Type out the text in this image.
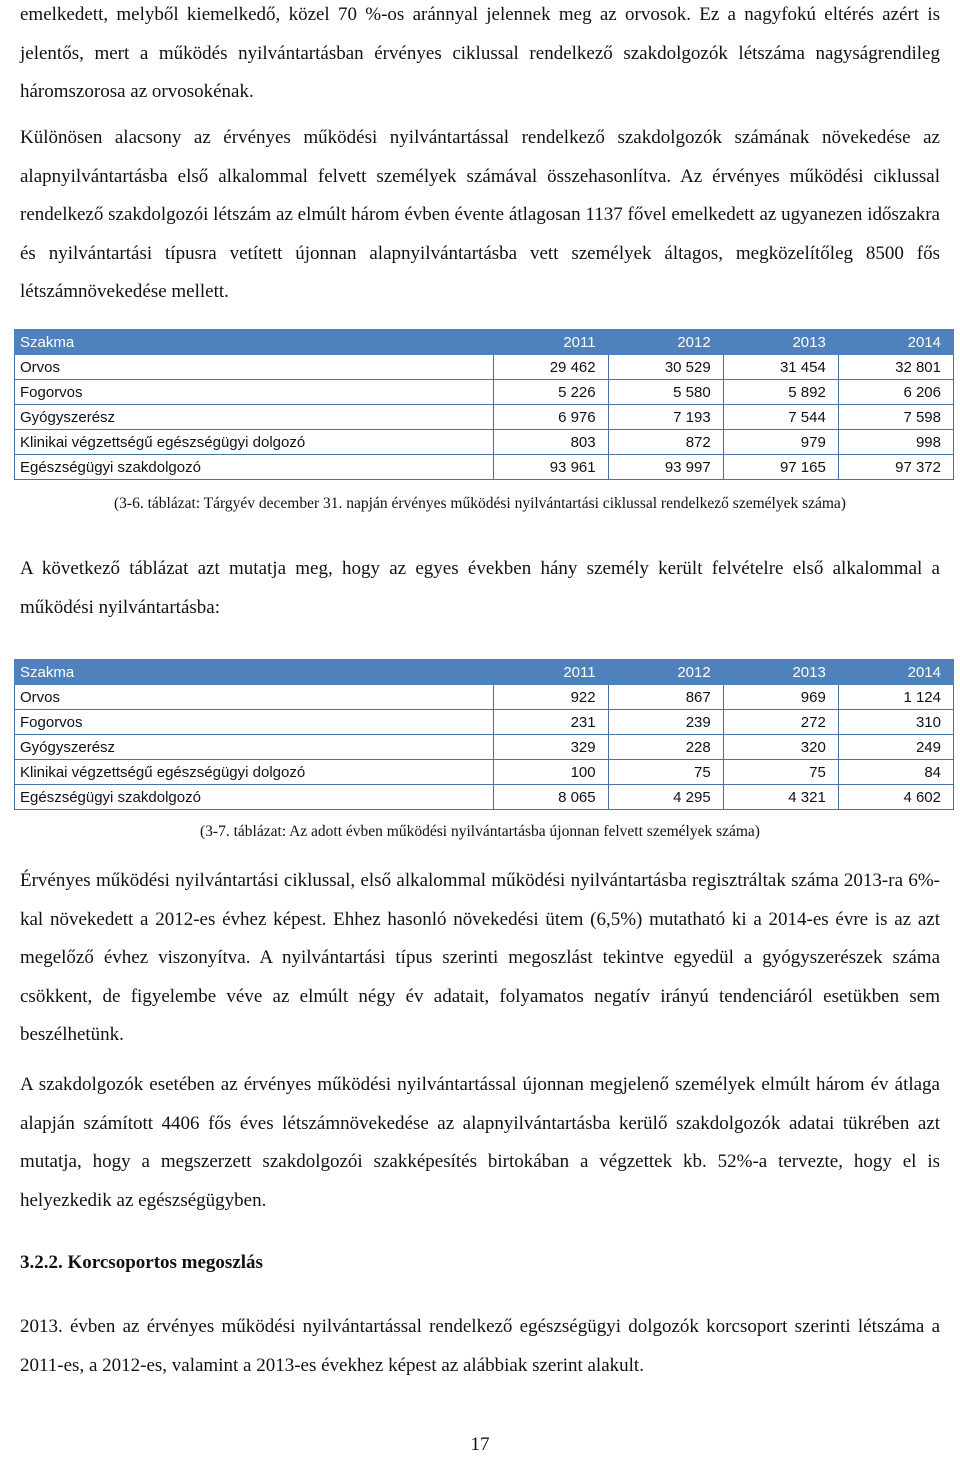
emelkedett, melyből kiemelkedő, közel 70 %-os aránnyal jelennek meg az orvosok. Ez a nagyfokú eltérés azért is jelentős, mert a működés nyilvántartásban érvényes ciklussal rendelkező szakdolgozók létszáma nagyságrendileg háromszorosa az orvosokénak.

Különösen alacsony az érvényes működési nyilvántartással rendelkező szakdolgozók számának növekedése az alapnyilvántartásba első alkalommal felvett személyek számával összehasonlítva. Az érvényes működési ciklussal rendelkező szakdolgozói létszám az elmúlt három évben évente átlagosan 1137 fővel emelkedett az ugyanezen időszakra és nyilvántartási típusra vetített újonnan alapnyilvántartásba vett személyek áltagos, megközelítőleg 8500 fős létszámnövekedése mellett.

Szakma	2011	2012	2013	2014
Orvos	29 462	30 529	31 454	32 801
Fogorvos	5 226	5 580	5 892	6 206
Gyógyszerész	6 976	7 193	7 544	7 598
Klinikai végzettségű egészségügyi dolgozó	803	872	979	998
Egészségügyi szakdolgozó	93 961	93 997	97 165	97 372

(3-6. táblázat: Tárgyév december 31. napján érvényes működési nyilvántartási ciklussal rendelkező személyek száma)

A következő táblázat azt mutatja meg, hogy az egyes években hány személy került felvételre első alkalommal a működési nyilvántartásba:

Szakma	2011	2012	2013	2014
Orvos	922	867	969	1 124
Fogorvos	231	239	272	310
Gyógyszerész	329	228	320	249
Klinikai végzettségű egészségügyi dolgozó	100	75	75	84
Egészségügyi szakdolgozó	8 065	4 295	4 321	4 602

(3-7. táblázat: Az adott évben működési nyilvántartásba újonnan felvett személyek száma)

Érvényes működési nyilvántartási ciklussal, első alkalommal működési nyilvántartásba regisztráltak száma 2013-ra 6%-kal növekedett a 2012-es évhez képest. Ehhez hasonló növekedési ütem (6,5%) mutatható ki a 2014-es évre is az azt megelőző évhez viszonyítva. A nyilvántartási típus szerinti megoszlást tekintve egyedül a gyógyszerészek száma csökkent, de figyelembe véve az elmúlt négy év adatait, folyamatos negatív irányú tendenciáról esetükben sem beszélhetünk.

A szakdolgozók esetében az érvényes működési nyilvántartással újonnan megjelenő személyek elmúlt három év átlaga alapján számított 4406 fős éves létszámnövekedése az alapnyilvántartásba kerülő szakdolgozók adatai tükrében azt mutatja, hogy a megszerzett szakdolgozói szakképesítés birtokában a végzettek kb. 52%-a tervezte, hogy el is helyezkedik az egészségügyben.

3.2.2. Korcsoportos megoszlás

2013. évben az érvényes működési nyilvántartással rendelkező egészségügyi dolgozók korcsoport szerinti létszáma a 2011-es, a 2012-es, valamint a 2013-es évekhez képest az alábbiak szerint alakult.

17
